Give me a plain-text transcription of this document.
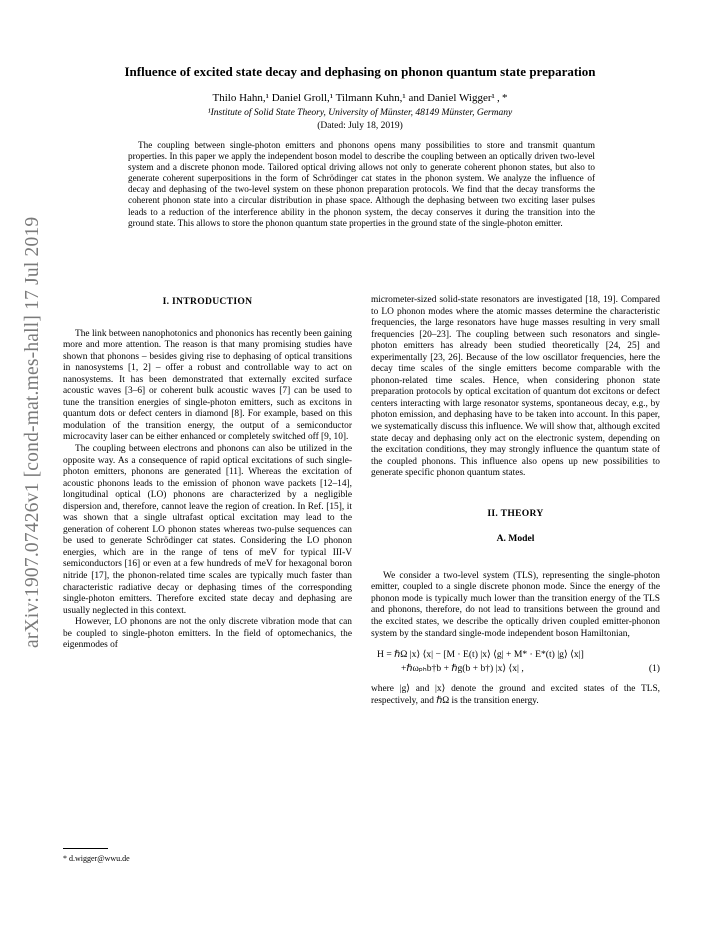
arXiv:1907.07426v1 [cond-mat.mes-hall] 17 Jul 2019
Influence of excited state decay and dephasing on phonon quantum state preparation
Thilo Hahn,¹ Daniel Groll,¹ Tilmann Kuhn,¹ and Daniel Wigger¹ , *
¹Institute of Solid State Theory, University of Münster, 48149 Münster, Germany
(Dated: July 18, 2019)

The coupling between single-photon emitters and phonons opens many possibilities to store and transmit quantum properties. In this paper we apply the independent boson model to describe the coupling between an optically driven two-level system and a discrete phonon mode. Tailored optical driving allows not only to generate coherent phonon states, but also to generate coherent superpositions in the form of Schrödinger cat states in the phonon system. We analyze the influence of decay and dephasing of the two-level system on these phonon preparation protocols. We find that the decay transforms the coherent phonon state into a circular distribution in phase space. Although the dephasing between two exciting laser pulses leads to a reduction of the interference ability in the phonon system, the decay conserves it during the transition into the ground state. This allows to store the phonon quantum state properties in the ground state of the single-photon emitter.

I. INTRODUCTION

The link between nanophotonics and phononics has recently been gaining more and more attention. The reason is that many promising studies have shown that phonons – besides giving rise to dephasing of optical transitions in nanosystems [1, 2] – offer a robust and controllable way to act on nanosystems. It has been demonstrated that externally excited surface acoustic waves [3–6] or coherent bulk acoustic waves [7] can be used to tune the transition energies of single-photon emitters, such as excitons in quantum dots or defect centers in diamond [8]. For example, based on this modulation of the transition energy, the output of a semiconductor microcavity laser can be either enhanced or completely switched off [9, 10].

The coupling between electrons and phonons can also be utilized in the opposite way. As a consequence of rapid optical excitations of such single-photon emitters, phonons are generated [11]. Whereas the excitation of acoustic phonons leads to the emission of phonon wave packets [12–14], longitudinal optical (LO) phonons are characterized by a negligible dispersion and, therefore, cannot leave the region of creation. In Ref. [15], it was shown that a single ultrafast optical excitation may lead to the generation of coherent LO phonon states whereas two-pulse sequences can be used to generate Schrödinger cat states. Considering the LO phonon energies, which are in the range of tens of meV for typical III-V semiconductors [16] or even at a few hundreds of meV for hexagonal boron nitride [17], the phonon-related time scales are typically much faster than characteristic radiative decay or dephasing times of the corresponding single-photon emitters. Therefore excited state decay and dephasing are usually neglected in this context.

However, LO phonons are not the only discrete vibration mode that can be coupled to single-photon emitters. In the field of optomechanics, the eigenmodes of

micrometer-sized solid-state resonators are investigated [18, 19]. Compared to LO phonon modes where the atomic masses determine the characteristic frequencies, the large resonators have huge masses resulting in very small frequencies [20–23]. The coupling between such resonators and single-photon emitters has already been studied theoretically [24, 25] and experimentally [23, 26]. Because of the low oscillator frequencies, here the decay time scales of the single emitters become comparable with the phonon-related time scales. Hence, when considering phonon state preparation protocols by optical excitation of quantum dot excitons or defect centers interacting with large resonator systems, spontaneous decay, e.g., by photon emission, and dephasing have to be taken into account. In this paper, we systematically discuss this influence. We will show that, although excited state decay and dephasing only act on the electronic system, depending on the excitation conditions, they may strongly influence the quantum state of the coupled phonons. This influence also opens up new possibilities to generate specific phonon quantum states.

II. THEORY
A. Model

We consider a two-level system (TLS), representing the single-photon emitter, coupled to a single discrete phonon mode. Since the energy of the phonon mode is typically much lower than the transition energy of the TLS and phonons, therefore, do not lead to transitions between the ground and the excited states, we describe the optically driven coupled emitter-phonon system by the standard single-mode independent boson Hamiltonian,

H = ℏΩ |x⟩ ⟨x| − [M · E(t) |x⟩ ⟨g| + M* · E*(t) |g⟩ ⟨x|]
+ℏωₚₕb†b + ℏg(b + b†) |x⟩ ⟨x| ,	(1)

where |g⟩ and |x⟩ denote the ground and excited states of the TLS, respectively, and ℏΩ is the transition energy.

* d.wigger@wwu.de
